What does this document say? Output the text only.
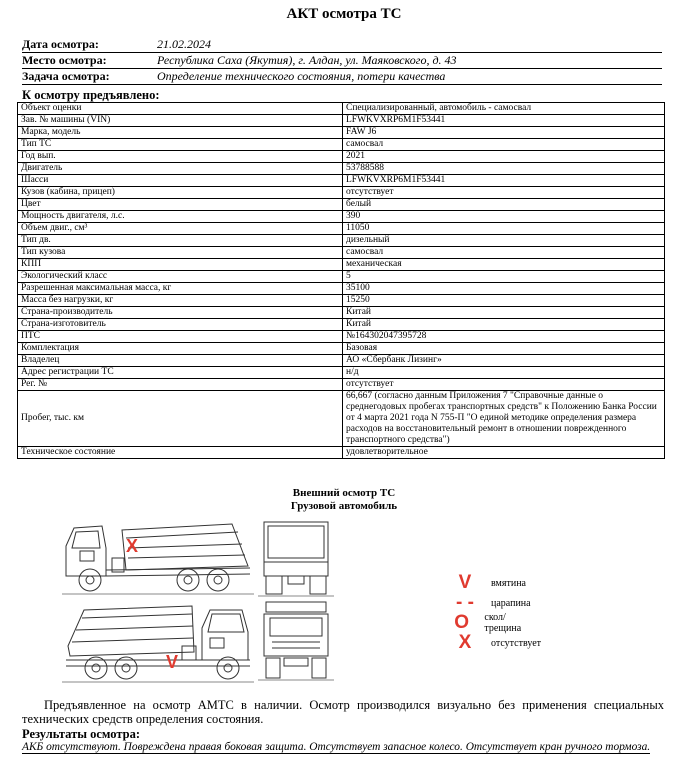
АКТ осмотра ТС
Дата осмотра:	21.02.2024
Место осмотра:	Республика Саха (Якутия), г. Алдан, ул. Маяковского, д. 43
Задача осмотра:	Определение технического состояния, потери качества
К осмотру предъявлено:
Объект оценки	Специализированный, автомобиль - самосвал
Зав. № машины (VIN)	LFWKVXRP6M1F53441
Марка, модель	FAW J6
Тип ТС	самосвал
Год вып.	2021
Двигатель	53788588
Шасси	LFWKVXRP6M1F53441
Кузов (кабина, прицеп)	отсутствует
Цвет	белый
Мощность двигателя, л.с.	390
Объем двиг., см³	11050
Тип дв.	дизельный
Тип кузова	самосвал
КПП	механическая
Экологический класс	5
Разрешенная максимальная масса, кг	35100
Масса без нагрузки, кг	15250
Страна-производитель	Китай
Страна-изготовитель	Китай
ПТС	№164302047395728
Комплектация	Базовая
Владелец	АО «Сбербанк Лизинг»
Адрес регистрации ТС	н/д
Рег. №	отсутствует
Пробег, тыс. км	66,667 (согласно данным Приложения 7 "Справочные данные о среднегодовых пробегах транспортных средств" к Положению Банка России от 4 марта 2021 года N 755-П "О единой методике определения размера расходов на восстановительный ремонт в отношении поврежденного транспортного средства")
Техническое состояние	удовлетворительное
Внешний осмотр ТС
Грузовой автомобиль
X
V
V	вмятина
- -	царапина
O скол/трещина
X	отсутствует
Предъявленное на осмотр АМТС в наличии. Осмотр производился визуально без применения специальных технических средств определения состояния.
Результаты осмотра:
АКБ отсутствуют. Повреждена правая боковая защита. Отсутствует запасное колесо. Отсутствует кран ручного тормоза.
